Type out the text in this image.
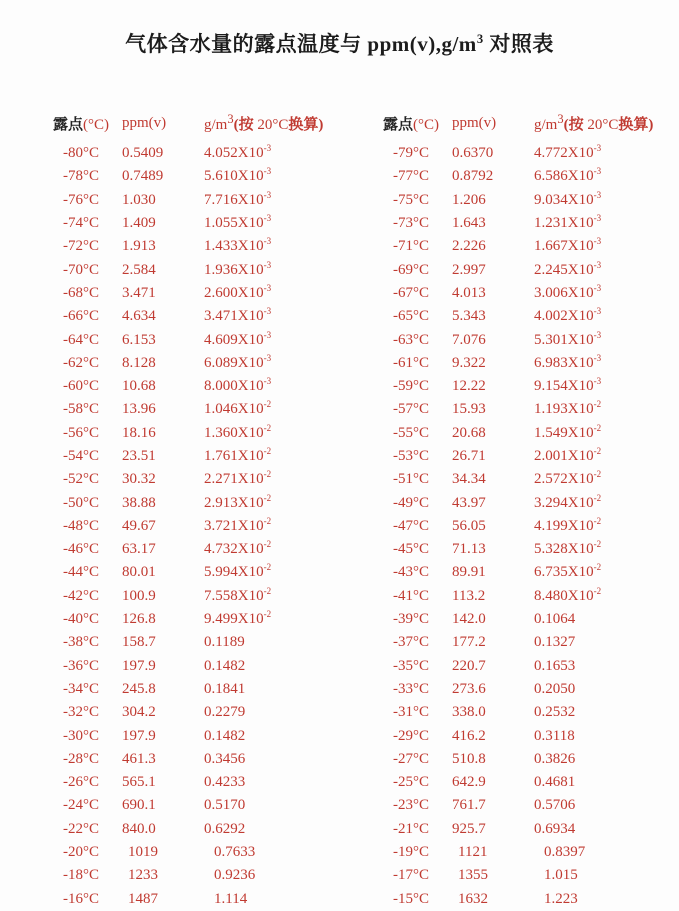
气体含水量的露点温度与 $ppm(v),g/m^3$ 对照表
露点(°C) ppm(v)	$g/m^3$(按 20°C换算)
-80°C	0.5409	$4.052X10^{-3}$
-78°C	0.7489	$5.610X10^{-3}$
-76°C	1.030	$7.716X10^{-3}$
-74°C	1.409	$1.055X10^{-3}$
-72°C	1.913	$1.433X10^{-3}$
-70°C	2.584	$1.936X10^{-3}$
-68°C	3.471	$2.600X10^{-3}$
-66°C	4.634	$3.471X10^{-3}$
-64°C	6.153	$4.609X10^{-3}$
-62°C	8.128	$6.089X10^{-3}$
-60°C	10.68	$8.000X10^{-3}$
-58°C	13.96	$1.046X10^{-2}$
-56°C	18.16	$1.360X10^{-2}$
-54°C	23.51	$1.761X10^{-2}$
-52°C	30.32	$2.271X10^{-2}$
-50°C	38.88	$2.913X10^{-2}$
-48°C	49.67	$3.721X10^{-2}$
-46°C	63.17	$4.732X10^{-2}$
-44°C	80.01	$5.994X10^{-2}$
-42°C	100.9	$7.558X10^{-2}$
-40°C	126.8	$9.499X10^{-2}$
-38°C	158.7	0.1189
-36°C	197.9	0.1482
-34°C	245.8	0.1841
-32°C	304.2	0.2279
-30°C	197.9	0.1482
-28°C	461.3	0.3456
-26°C	565.1	0.4233
-24°C	690.1	0.5170
-22°C	840.0	0.6292
-20°C	1019	0.7633
-18°C	1233	0.9236
-16°C	1487	1.114
露点(°C) ppm(v)	$g/m^3$(按 20°C换算)
-79°C	0.6370	$4.772X10^{-3}$
-77°C	0.8792	$6.586X10^{-3}$
-75°C	1.206	$9.034X10^{-3}$
-73°C	1.643	$1.231X10^{-3}$
-71°C	2.226	$1.667X10^{-3}$
-69°C	2.997	$2.245X10^{-3}$
-67°C	4.013	$3.006X10^{-3}$
-65°C	5.343	$4.002X10^{-3}$
-63°C	7.076	$5.301X10^{-3}$
-61°C	9.322	$6.983X10^{-3}$
-59°C	12.22	$9.154X10^{-3}$
-57°C	15.93	$1.193X10^{-2}$
-55°C	20.68	$1.549X10^{-2}$
-53°C	26.71	$2.001X10^{-2}$
-51°C	34.34	$2.572X10^{-2}$
-49°C	43.97	$3.294X10^{-2}$
-47°C	56.05	$4.199X10^{-2}$
-45°C	71.13	$5.328X10^{-2}$
-43°C	89.91	$6.735X10^{-2}$
-41°C	113.2	$8.480X10^{-2}$
-39°C	142.0	0.1064
-37°C	177.2	0.1327
-35°C	220.7	0.1653
-33°C	273.6	0.2050
-31°C	338.0	0.2532
-29°C	416.2	0.3118
-27°C	510.8	0.3826
-25°C	642.9	0.4681
-23°C	761.7	0.5706
-21°C	925.7	0.6934
-19°C	1121	0.8397
-17°C	1355	1.015
-15°C	1632	1.223
